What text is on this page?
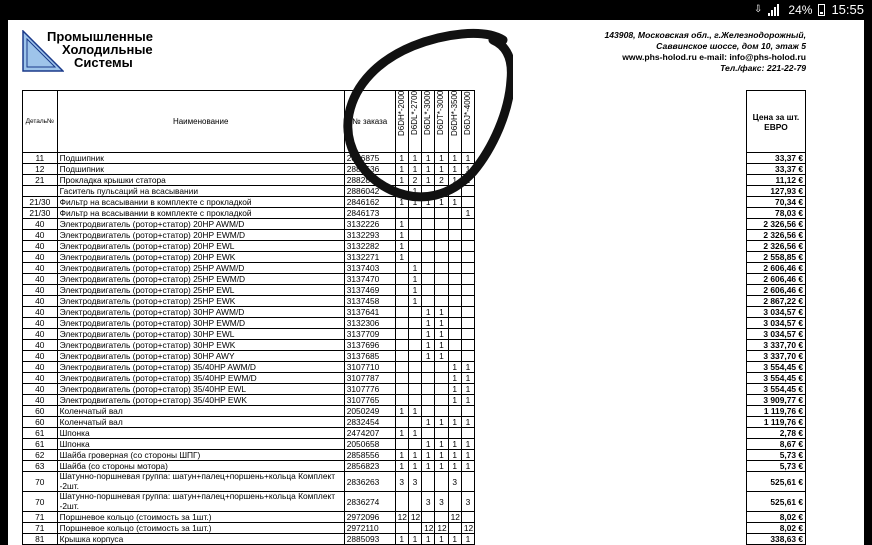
⇩ 24% 15:55
Промышленные
Холодильные
Системы
143908, Московская обл., г.Железнодорожный,
Саввинское шоссе, дом 10, этаж 5
www.phs-holod.ru e-mail: info@phs-holod.ru
Тел./факс: 221-22-79
Деталь№	Наименование	№ заказа	D6DH*-2000	D6DL*-2700	D6DL*-3000	D6DT*-3000	D6DH*-3500	D6DJ*-4000		Цена за шт. ЕВРО
11	Подшипник	2836875	1	1	1	1	1	1		33,37 €
12	Подшипник	2886536	1	1	1	1	1	1		33,37 €
21	Прокладка крышки статора	2882874	1	2	1	2	1	1		11,12 €
	Гаситель пульсаций на всасывании	2886042		1						127,93 €
21/30	Фильтр на всасывании в комплекте с прокладкой	2846162	1	1	1	1	1			70,34 €
21/30	Фильтр на всасывании в комплекте с прокладкой	2846173						1		78,03 €
40	Электродвигатель (ротор+статор) 20HP AWM/D	3132226	1							2 326,56 €
40	Электродвигатель (ротор+статор) 20HP EWM/D	3132293	1							2 326,56 €
40	Электродвигатель (ротор+статор) 20HP EWL	3132282	1							2 326,56 €
40	Электродвигатель (ротор+статор) 20HP EWK	3132271	1							2 558,85 €
40	Электродвигатель (ротор+статор) 25HP AWM/D	3137403		1						2 606,46 €
40	Электродвигатель (ротор+статор) 25HP EWM/D	3137470		1						2 606,46 €
40	Электродвигатель (ротор+статор) 25HP EWL	3137469		1						2 606,46 €
40	Электродвигатель (ротор+статор) 25HP EWK	3137458		1						2 867,22 €
40	Электродвигатель (ротор+статор) 30HP AWM/D	3137641			1	1				3 034,57 €
40	Электродвигатель (ротор+статор) 30HP EWM/D	3132306			1	1				3 034,57 €
40	Электродвигатель (ротор+статор) 30HP EWL	3137709			1	1				3 034,57 €
40	Электродвигатель (ротор+статор) 30HP EWK	3137696			1	1				3 337,70 €
40	Электродвигатель (ротор+статор) 30HP AWY	3137685			1	1				3 337,70 €
40	Электродвигатель (ротор+статор) 35/40HP AWM/D	3107710					1	1		3 554,45 €
40	Электродвигатель (ротор+статор) 35/40HP EWM/D	3107787					1	1		3 554,45 €
40	Электродвигатель (ротор+статор) 35/40HP EWL	3107776					1	1		3 554,45 €
40	Электродвигатель (ротор+статор) 35/40HP EWK	3107765					1	1		3 909,77 €
60	Коленчатый вал	2050249	1	1						1 119,76 €
60	Коленчатый вал	2832454			1	1	1	1		1 119,76 €
61	Шпонка	2474207	1	1						2,78 €
61	Шпонка	2050658			1	1	1	1		8,67 €
62	Шайба гроверная (со стороны ШПГ)	2858556	1	1	1	1	1	1		5,73 €
63	Шайба (со стороны мотора)	2856823	1	1	1	1	1	1		5,73 €
70	Шатунно-поршневая группа: шатун+палец+поршень+кольца Комплект -2шт.	2836263	3	3			3			525,61 €
70	Шатунно-поршневая группа: шатун+палец+поршень+кольца Комплект -2шт.	2836274			3	3		3		525,61 €
71	Поршневое кольцо (стоимость за 1шт.)	2972096	12	12			12			8,02 €
71	Поршневое кольцо (стоимость за 1шт.)	2972110			12	12		12		8,02 €
81	Крышка корпуса	2885093	1	1	1	1	1	1		338,63 €
